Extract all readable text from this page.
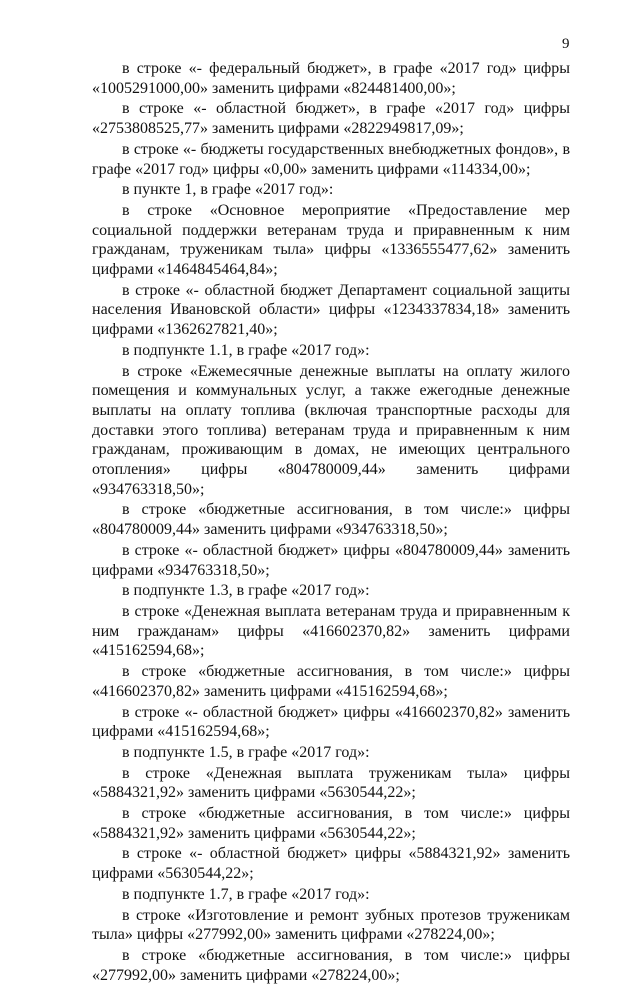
9

в строке «- федеральный бюджет», в графе «2017 год» цифры «1005291000,00» заменить цифрами «824481400,00»;

в строке «- областной бюджет», в графе «2017 год» цифры «2753808525,77» заменить цифрами «2822949817,09»;

в строке «- бюджеты государственных внебюджетных фондов», в графе «2017 год» цифры «0,00» заменить цифрами «114334,00»;

в пункте 1, в графе «2017 год»:

в строке «Основное мероприятие «Предоставление мер социальной поддержки ветеранам труда и приравненным к ним гражданам, труженикам тыла» цифры «1336555477,62» заменить цифрами «1464845464,84»;

в строке «- областной бюджет Департамент социальной защиты населения Ивановской области» цифры «1234337834,18» заменить цифрами «1362627821,40»;

в подпункте 1.1, в графе «2017 год»:

в строке «Ежемесячные денежные выплаты на оплату жилого помещения и коммунальных услуг, а также ежегодные денежные выплаты на оплату топлива (включая транспортные расходы для доставки этого топлива) ветеранам труда и приравненным к ним гражданам, проживающим в домах, не имеющих центрального отопления» цифры «804780009,44» заменить цифрами «934763318,50»;

в строке «бюджетные ассигнования, в том числе:» цифры «804780009,44» заменить цифрами «934763318,50»;

в строке «- областной бюджет» цифры «804780009,44» заменить цифрами «934763318,50»;

в подпункте 1.3, в графе «2017 год»:

в строке «Денежная выплата ветеранам труда и приравненным к ним гражданам» цифры «416602370,82» заменить цифрами «415162594,68»;

в строке «бюджетные ассигнования, в том числе:» цифры «416602370,82» заменить цифрами «415162594,68»;

в строке «- областной бюджет» цифры «416602370,82» заменить цифрами «415162594,68»;

в подпункте 1.5, в графе «2017 год»:

в строке «Денежная выплата труженикам тыла» цифры «5884321,92» заменить цифрами «5630544,22»;

в строке «бюджетные ассигнования, в том числе:» цифры «5884321,92» заменить цифрами «5630544,22»;

в строке «- областной бюджет» цифры «5884321,92» заменить цифрами «5630544,22»;

в подпункте 1.7, в графе «2017 год»:

в строке «Изготовление и ремонт зубных протезов труженикам тыла» цифры «277992,00» заменить цифрами «278224,00»;

в строке «бюджетные ассигнования, в том числе:» цифры «277992,00» заменить цифрами «278224,00»;
